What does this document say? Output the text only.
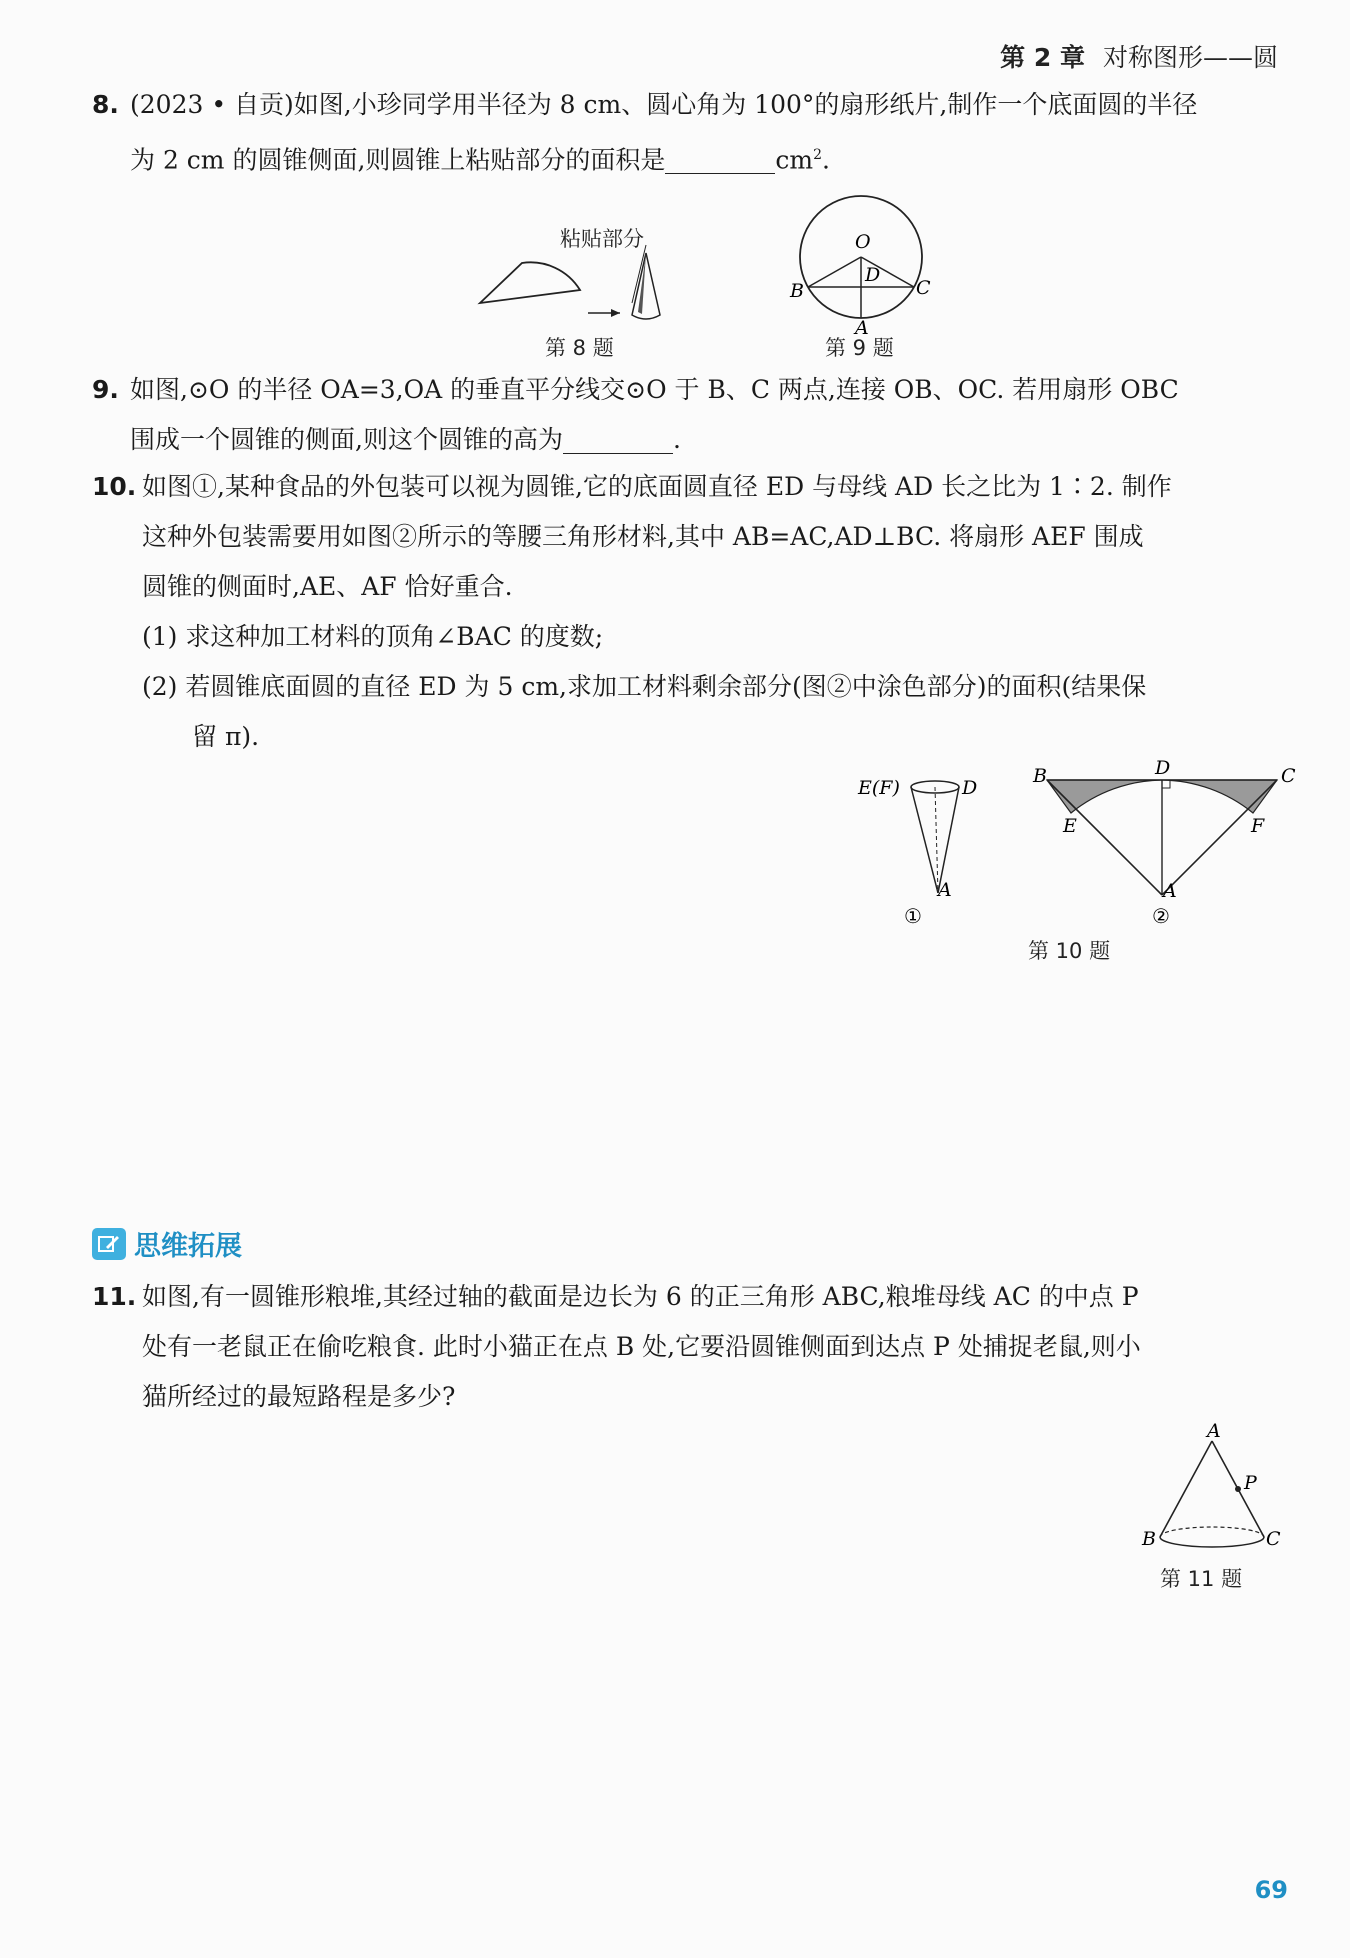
第 2 章 对称图形——圆
8. (2023 • 自贡)如图,小珍同学用半径为 8 cm、圆心角为 100°的扇形纸片,制作一个底面圆的半径
为 2 cm 的圆锥侧面,则圆锥上粘贴部分的面积是	$cm^2$.
粘贴部分
第 8 题
O
D
B	C
A
第 9 题
9. 如图,⊙O 的半径 OA=3,OA 的垂直平分线交⊙O 于 B、C 两点,连接 OB、OC. 若用扇形 OBC
围成一个圆锥的侧面,则这个圆锥的高为	.
10. 如图①,某种食品的外包装可以视为圆锥,它的底面圆直径 ED 与母线 AD 长之比为 1∶2. 制作
这种外包装需要用如图②所示的等腰三角形材料,其中 AB=AC,AD⊥BC. 将扇形 AEF 围成
圆锥的侧面时,AE、AF 恰好重合.
(1) 求这种加工材料的顶角∠BAC 的度数;
(2) 若圆锥底面圆的直径 ED 为 5 cm,求加工材料剩余部分(图②中涂色部分)的面积(结果保
留 π).
E(F)	D
A
①
B	D	C
E	F
A
②
第 10 题
思维拓展
11. 如图,有一圆锥形粮堆,其经过轴的截面是边长为 6 的正三角形 ABC,粮堆母线 AC 的中点 P
处有一老鼠正在偷吃粮食. 此时小猫正在点 B 处,它要沿圆锥侧面到达点 P 处捕捉老鼠,则小
猫所经过的最短路程是多少?
A
P
B	C
第 11 题
69
